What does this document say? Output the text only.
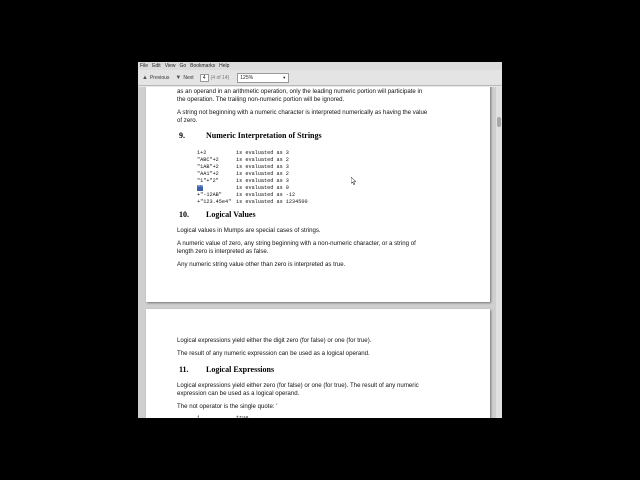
File Edit View Go Bookmarks Help
▲ Previous ▼ Next	4	(4 of 14) 125%	▼
as an operand in an arithmetic operation, only the leading numeric portion will participate in
the operation. The trailing non-numeric portion will be ignored.
A string not beginning with a numeric character is interpreted numerically as having the value
of zero.
9.	Numeric Interpretation of Strings
1+2	is evaluated as 3
"ABC"+2	is evaluated as 2
"1AB"+2	is evaluated as 3
"AA1"+2	is evaluated as 2
"1"+"2"	is evaluated as 3
""	is evaluated as 0
+"-12AB"	is evaluated as -12
+"123.45e4" is evaluated as 1234500
10.	Logical Values
Logical values in Mumps are special cases of strings.
A numeric value of zero, any string beginning with a non-numeric character, or a string of
length zero is interpreted as false.
Any numeric string value other than zero is interpreted as true.
Logical expressions yield either the digit zero (for false) or one (for true).
The result of any numeric expression can be used as a logical operand.
11.	Logical Expressions
Logical expressions yield either zero (for false) or one (for true). The result of any numeric
expression can be used as a logical operand.
The not operator is the single quote: '
1	true
